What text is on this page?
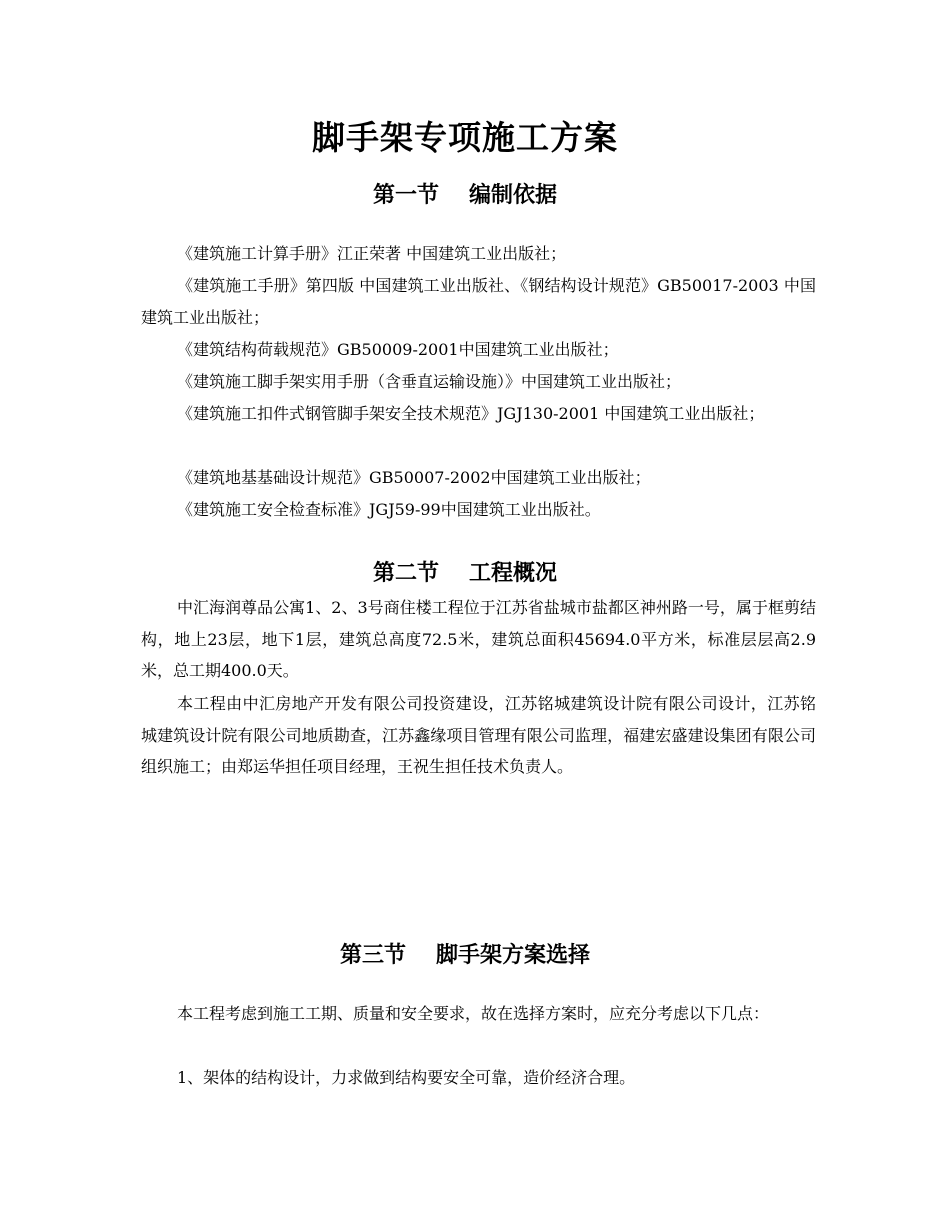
脚手架专项施工方案
第一节 编制依据

《建筑施工计算手册》江正荣著 中国建筑工业出版社；

《建筑施工手册》第四版 中国建筑工业出版社、《钢结构设计规范》GB50017-2003 中国建筑工业出版社；

《建筑结构荷载规范》GB50009-2001中国建筑工业出版社；

《建筑施工脚手架实用手册（含垂直运输设施）》中国建筑工业出版社；

《建筑施工扣件式钢管脚手架安全技术规范》JGJ130-2001 中国建筑工业出版社；

《建筑地基基础设计规范》GB50007-2002中国建筑工业出版社；

《建筑施工安全检查标准》JGJ59-99中国建筑工业出版社。

第二节 工程概况

中汇海润尊品公寓1、2、3号商住楼工程位于江苏省盐城市盐都区神州路一号，属于框剪结构，地上23层，地下1层，建筑总高度72.5米，建筑总面积45694.0平方米，标准层层高2.9米，总工期400.0天。

本工程由中汇房地产开发有限公司投资建设，江苏铭城建筑设计院有限公司设计，江苏铭城建筑设计院有限公司地质勘查，江苏鑫缘项目管理有限公司监理，福建宏盛建设集团有限公司组织施工；由郑运华担任项目经理，王祝生担任技术负责人。

第三节 脚手架方案选择

本工程考虑到施工工期、质量和安全要求，故在选择方案时，应充分考虑以下几点：

1、架体的结构设计，力求做到结构要安全可靠，造价经济合理。
